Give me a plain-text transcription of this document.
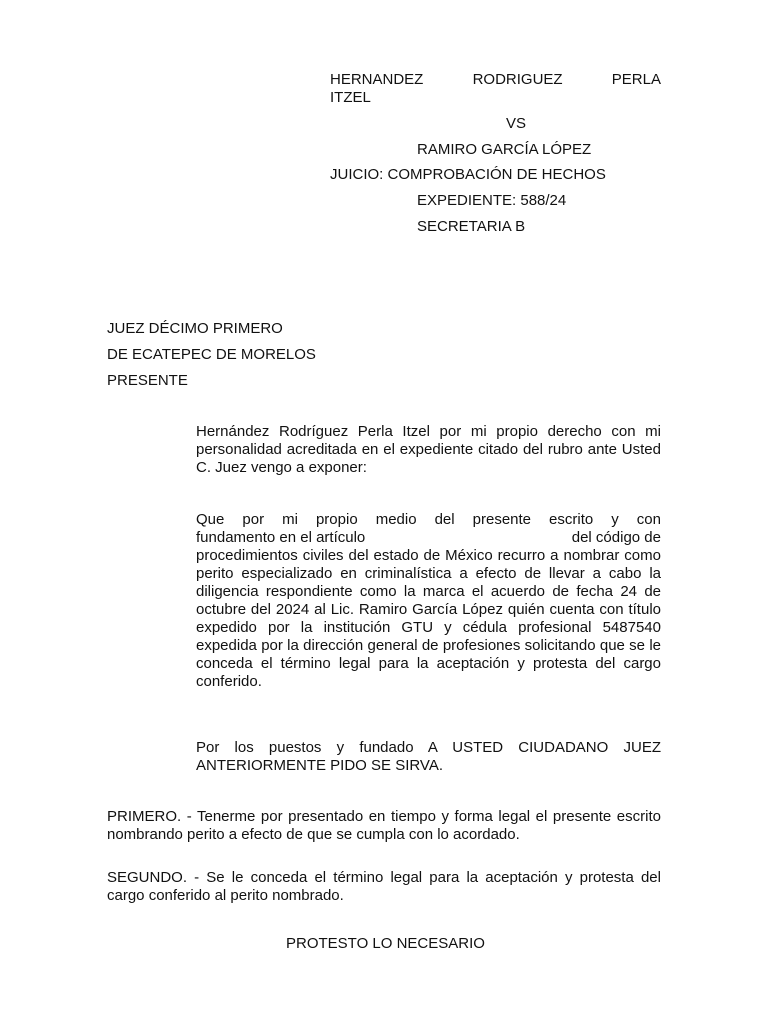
HERNANDEZ RODRIGUEZ PERLA
ITZEL
VS
RAMIRO GARCÍA LÓPEZ
JUICIO: COMPROBACIÓN DE HECHOS
EXPEDIENTE: 588/24
SECRETARIA B
JUEZ DÉCIMO PRIMERO
DE ECATEPEC DE MORELOS
PRESENTE
Hernández Rodríguez Perla Itzel por mi propio derecho con mi personalidad acreditada en el expediente citado del rubro ante Usted C. Juez vengo a exponer:
Que por mi propio medio del presente escrito y con
fundamento en el artículo	del código de
procedimientos civiles del estado de México recurro a nombrar como perito especializado en criminalística a efecto de llevar a cabo la diligencia respondiente como la marca el acuerdo de fecha 24 de octubre del 2024 al Lic. Ramiro García López quién cuenta con título expedido por la institución GTU y cédula profesional 5487540 expedida por la dirección general de profesiones solicitando que se le conceda el término legal para la aceptación y protesta del cargo conferido.
Por los puestos y fundado A USTED CIUDADANO JUEZ ANTERIORMENTE PIDO SE SIRVA.
PRIMERO. - Tenerme por presentado en tiempo y forma legal el presente escrito nombrando perito a efecto de que se cumpla con lo acordado.
SEGUNDO. - Se le conceda el término legal para la aceptación y protesta del cargo conferido al perito nombrado.
PROTESTO LO NECESARIO
